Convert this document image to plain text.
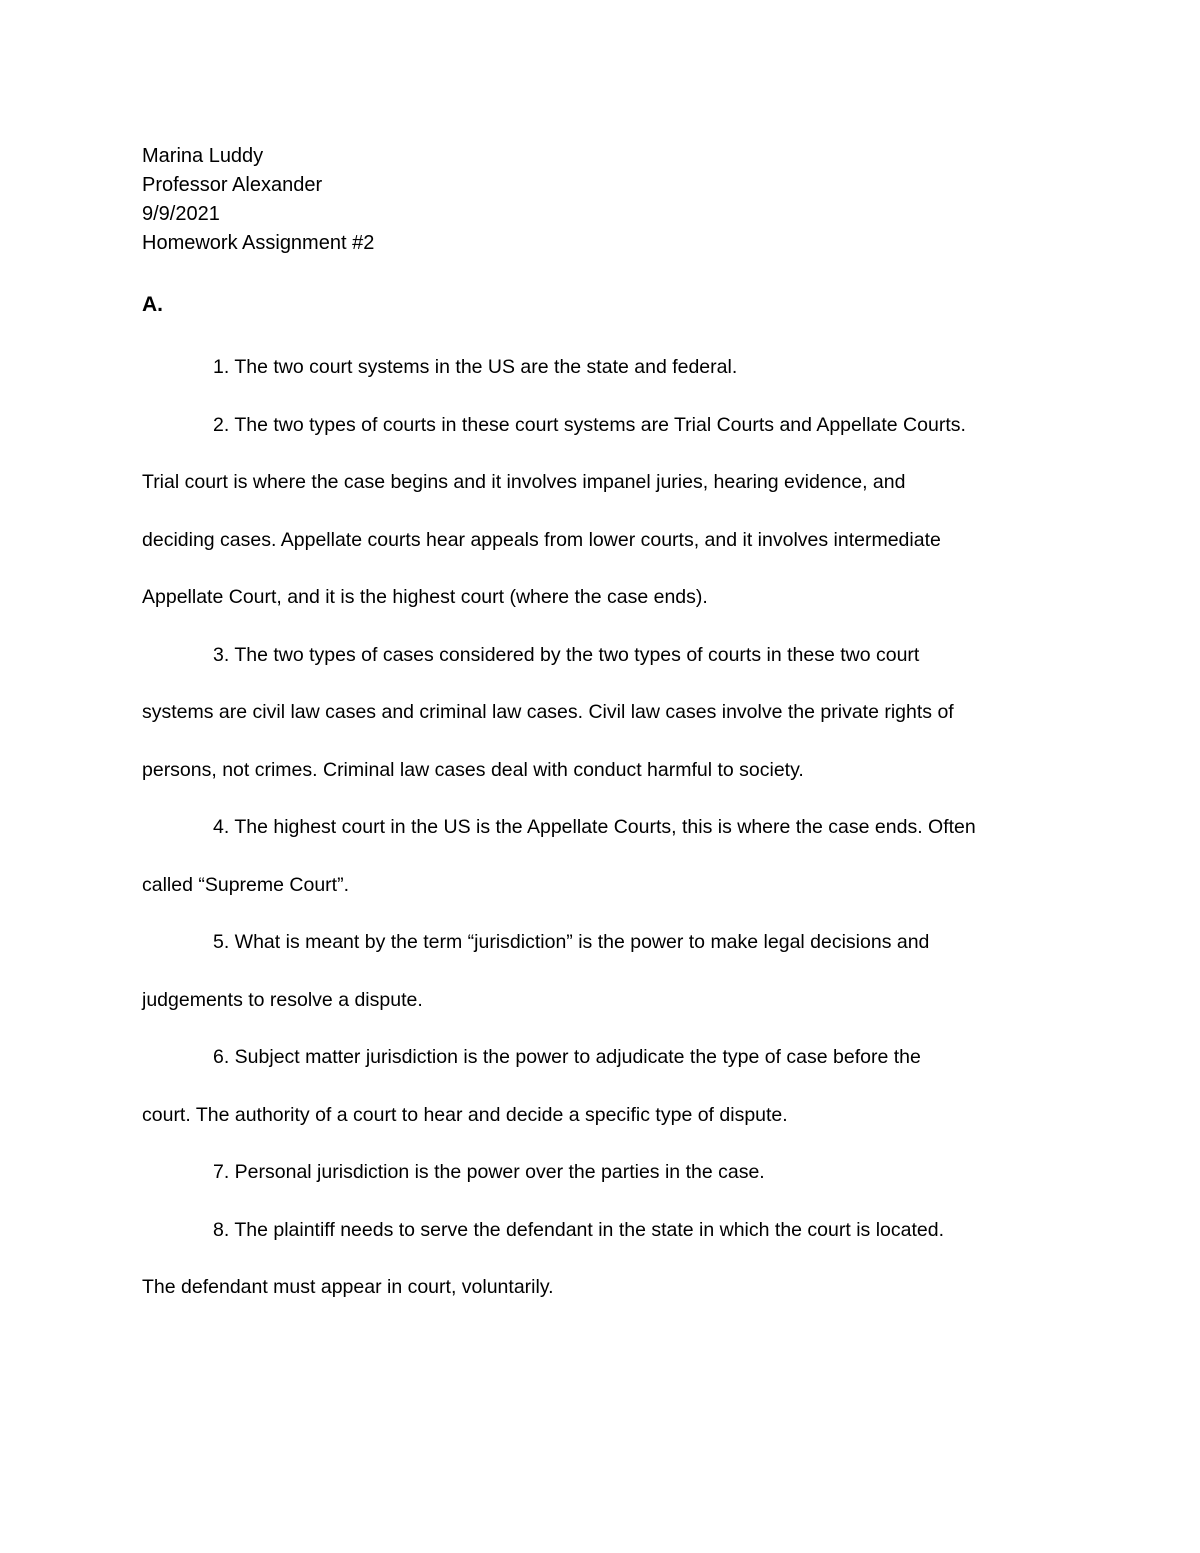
Marina Luddy
Professor Alexander
9/9/2021
Homework Assignment #2
A.
1. The two court systems in the US are the state and federal.
2. The two types of courts in these court systems are Trial Courts and Appellate Courts.
Trial court is where the case begins and it involves impanel juries, hearing evidence, and
deciding cases. Appellate courts hear appeals from lower courts, and it involves intermediate
Appellate Court, and it is the highest court (where the case ends).
3. The two types of cases considered by the two types of courts in these two court
systems are civil law cases and criminal law cases. Civil law cases involve the private rights of
persons, not crimes. Criminal law cases deal with conduct harmful to society.
4. The highest court in the US is the Appellate Courts, this is where the case ends. Often
called “Supreme Court”.
5. What is meant by the term “jurisdiction” is the power to make legal decisions and
judgements to resolve a dispute.
6. Subject matter jurisdiction is the power to adjudicate the type of case before the
court. The authority of a court to hear and decide a specific type of dispute.
7. Personal jurisdiction is the power over the parties in the case.
8. The plaintiff needs to serve the defendant in the state in which the court is located.
The defendant must appear in court, voluntarily.
